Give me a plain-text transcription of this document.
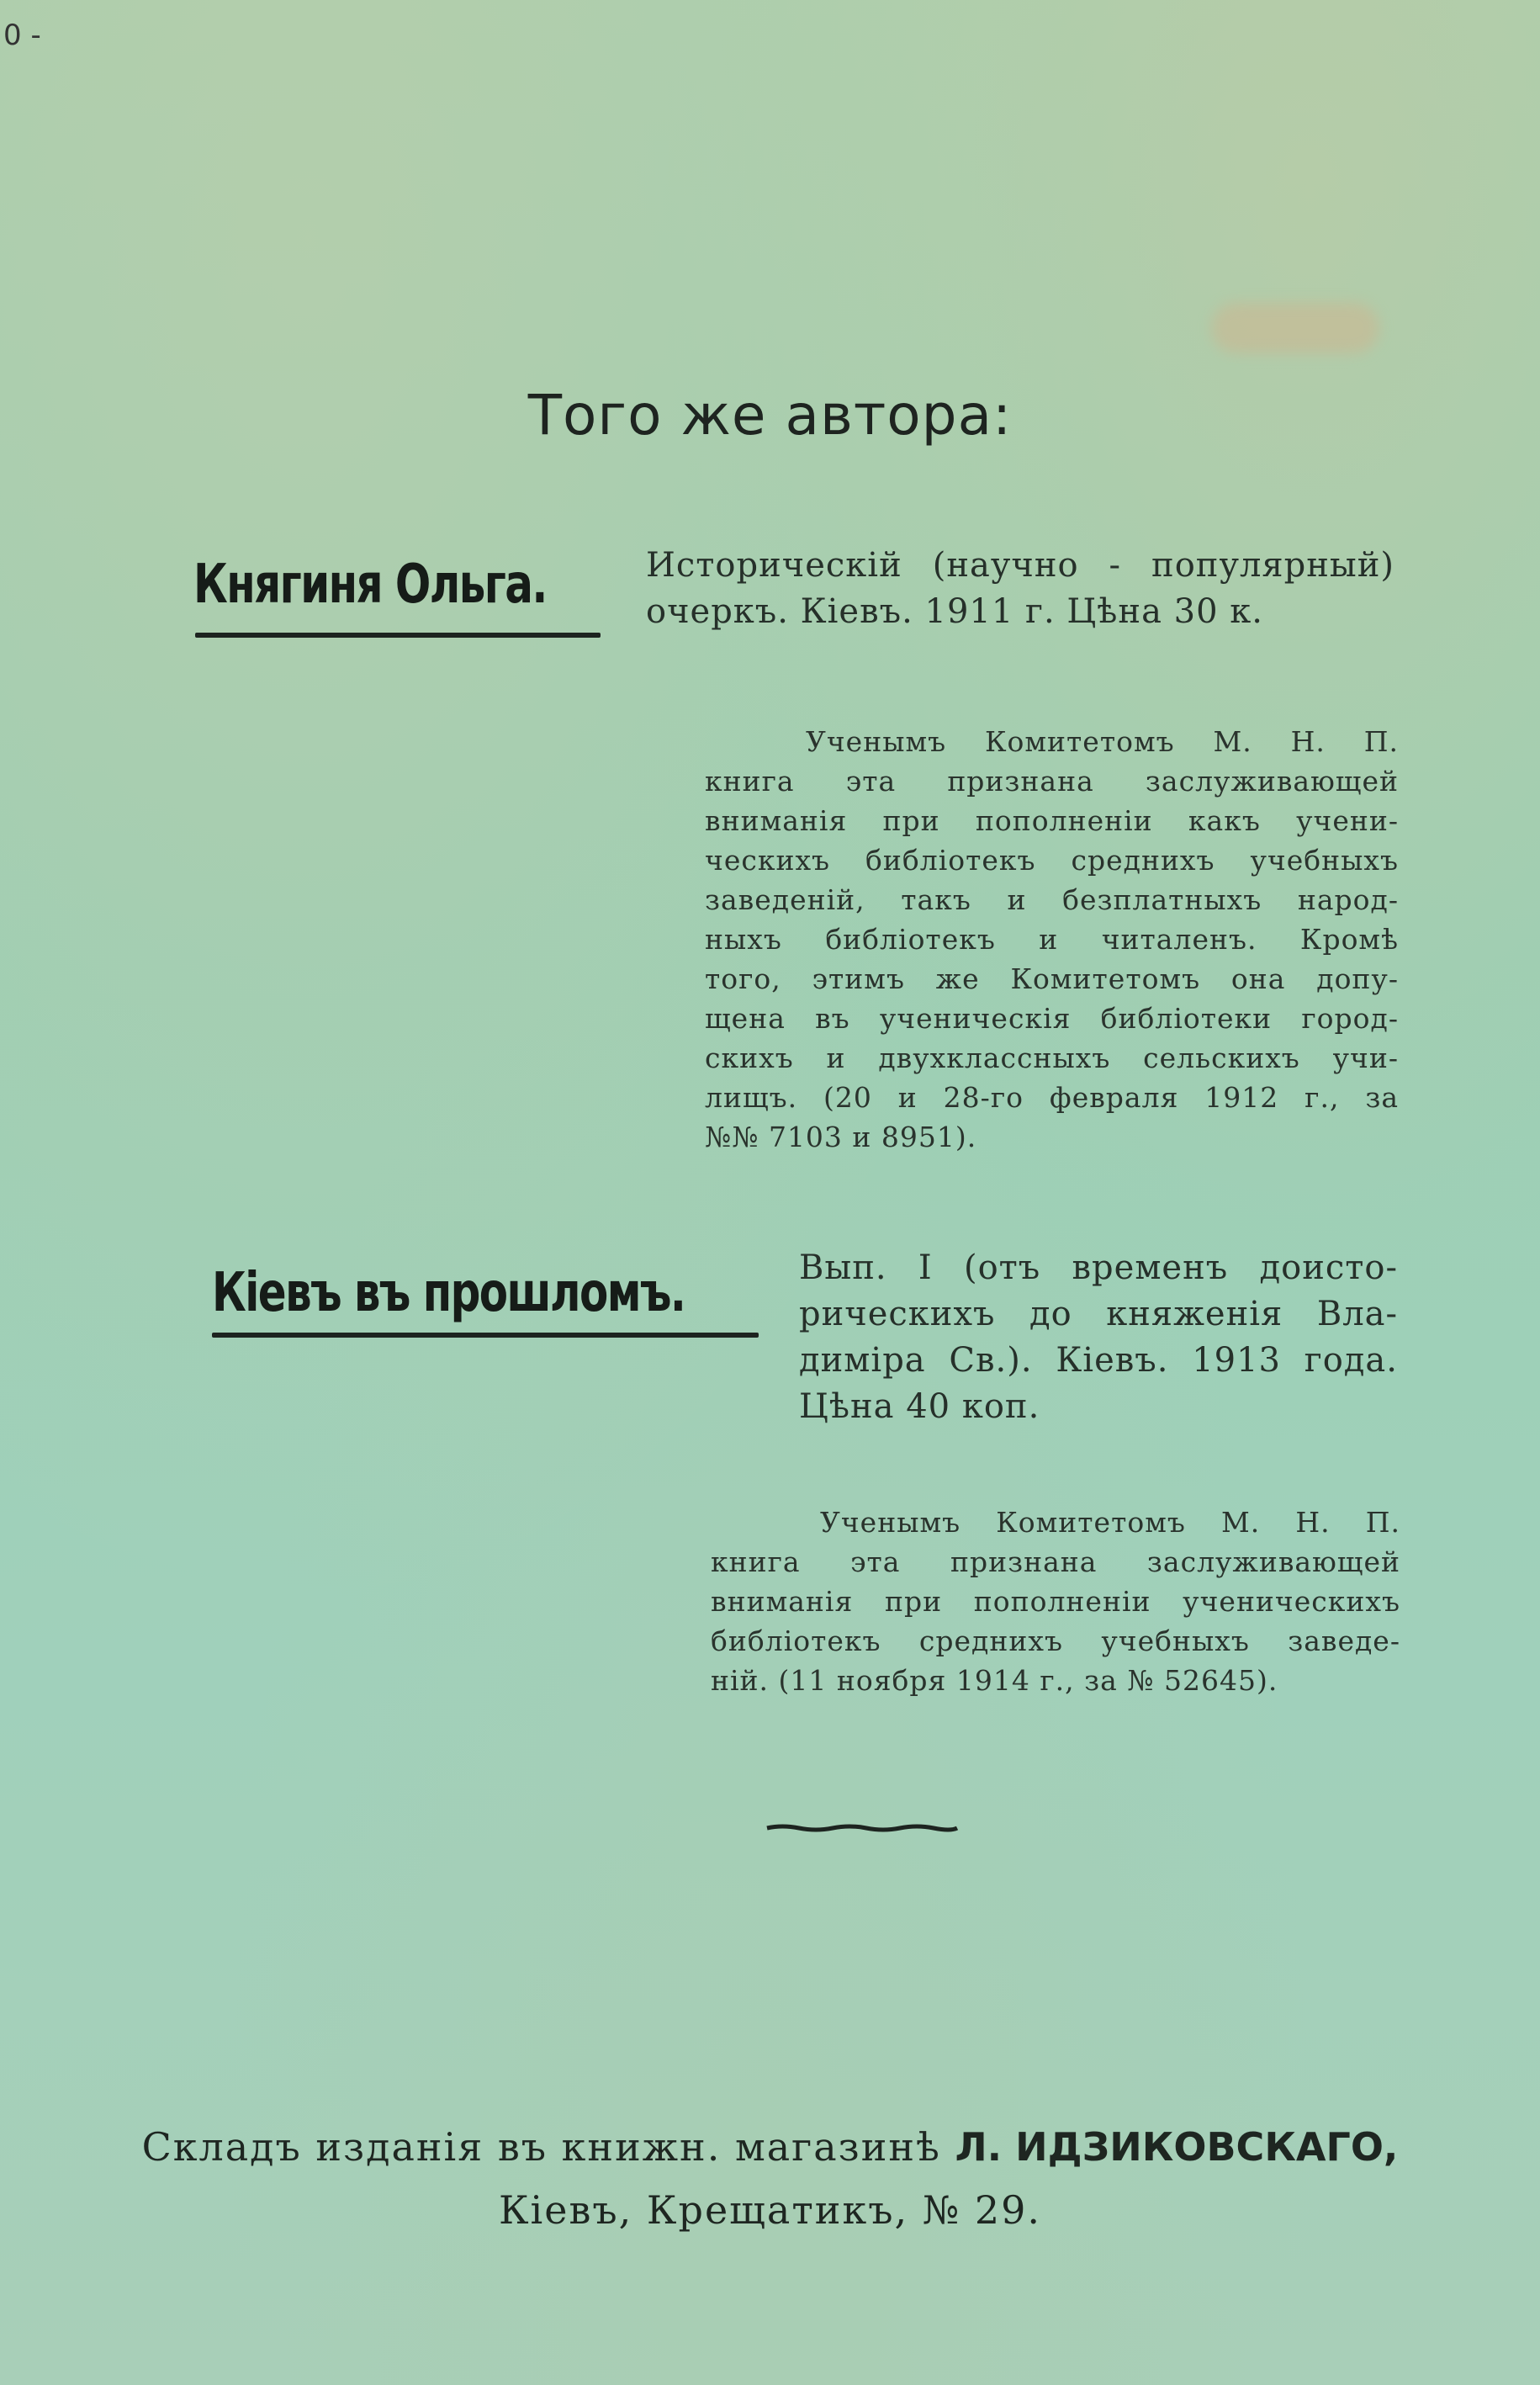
0 -
Того же автора:
Княгиня Ольга.	Историческій (научно - популярный)
очеркъ. Кіевъ. 1911 г. Цѣна 30 к.
Ученымъ Комитетомъ М. Н. П.
книга эта признана заслуживающей
вниманія при пополненіи какъ учени-
ческихъ библіотекъ среднихъ учебныхъ
заведеній, такъ и безплатныхъ народ-
ныхъ библіотекъ и читаленъ. Кромѣ
того, этимъ же Комитетомъ она допу-
щена въ ученическія библіотеки город-
скихъ и двухклассныхъ сельскихъ учи-
лищъ. (20 и 28-го февраля 1912 г., за
№№ 7103 и 8951).
Кіевъ въ прошломъ.	Вып. I (отъ временъ доисто-
рическихъ до княженія Вла-
диміра Св.). Кіевъ. 1913 года.
Цѣна 40 коп.
Ученымъ Комитетомъ М. Н. П.
книга эта признана заслуживающей
вниманія при пополненіи ученическихъ
библіотекъ среднихъ учебныхъ заведе-
ній. (11 ноября 1914 г., за № 52645).
Складъ изданія въ книжн. магазинѣ Л. ИДЗИКОВСКАГО,
Кіевъ, Крещатикъ, № 29.
